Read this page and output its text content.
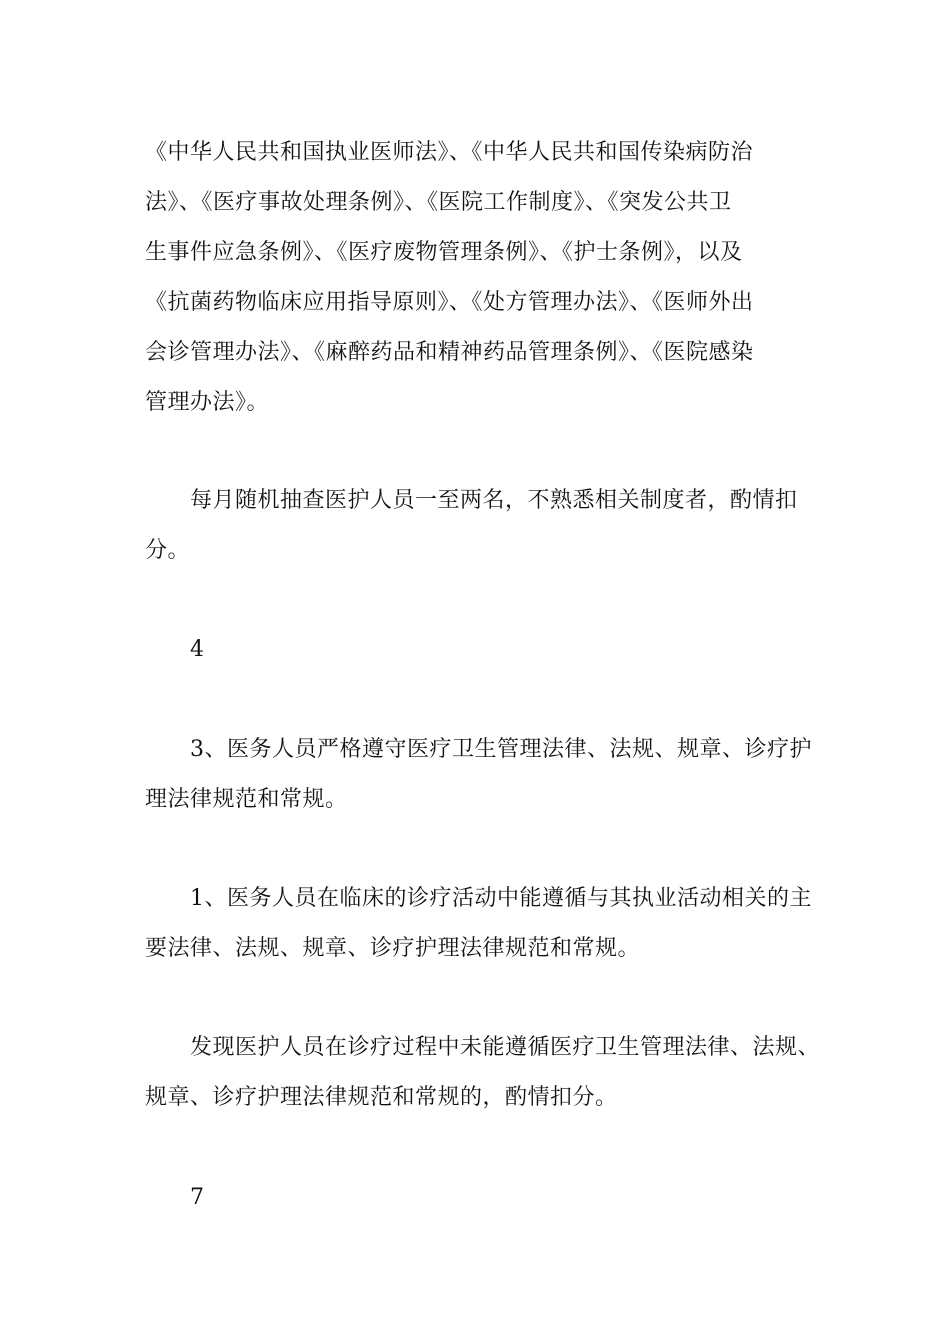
《中华人民共和国执业医师法》、《中华人民共和国传染病防治
法》、《医疗事故处理条例》、《医院工作制度》、《突发公共卫
生事件应急条例》、《医疗废物管理条例》、《护士条例》，以及
《抗菌药物临床应用指导原则》、《处方管理办法》、《医师外出
会诊管理办法》、《麻醉药品和精神药品管理条例》、《医院感染
管理办法》。
每月随机抽查医护人员一至两名，不熟悉相关制度者，酌情扣
分。
4
3、医务人员严格遵守医疗卫生管理法律、法规、规章、诊疗护
理法律规范和常规。
1、医务人员在临床的诊疗活动中能遵循与其执业活动相关的主
要法律、法规、规章、诊疗护理法律规范和常规。
发现医护人员在诊疗过程中未能遵循医疗卫生管理法律、法规、
规章、诊疗护理法律规范和常规的，酌情扣分。
7
